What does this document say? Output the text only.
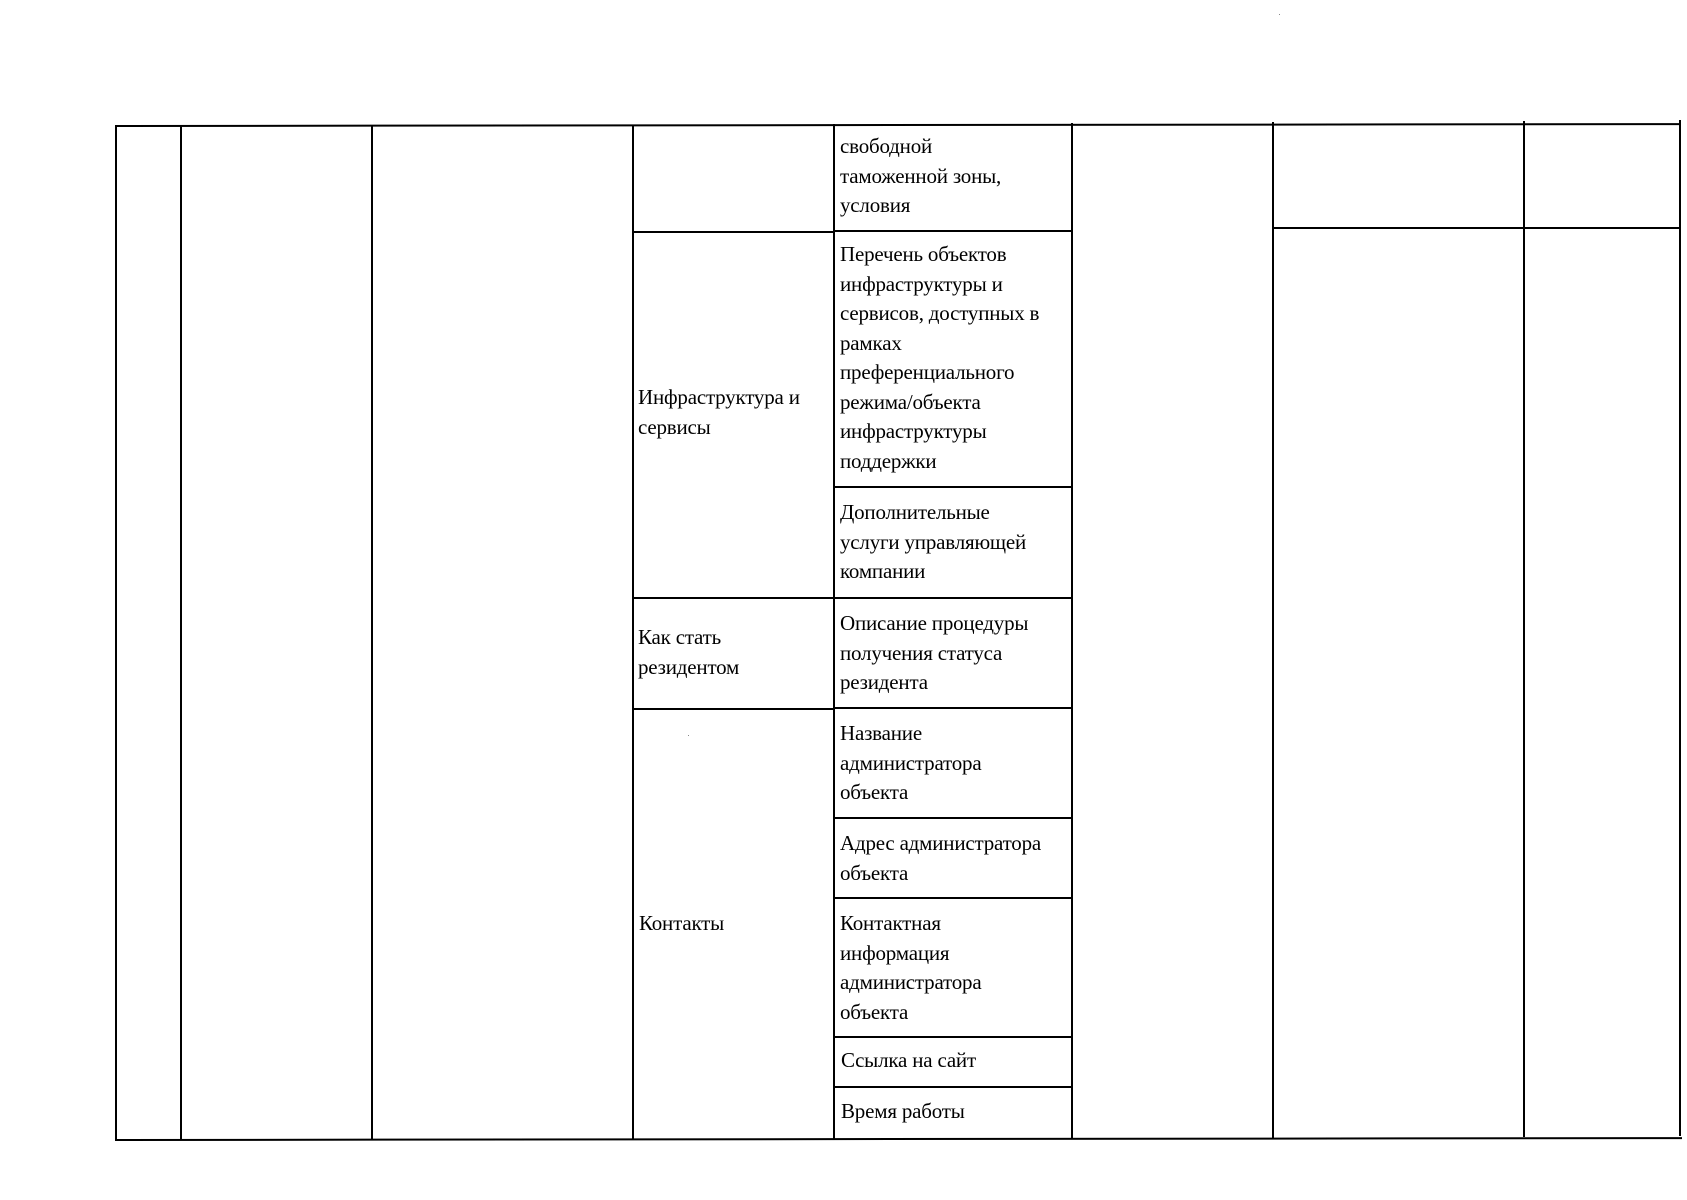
Инфраструктура и
сервисы
Как стать
резидентом
Контакты
свободной
таможенной зоны,
условия
Перечень объектов
инфраструктуры и
сервисов, доступных в
рамках
преференциального
режима/объекта
инфраструктуры
поддержки
Дополнительные
услуги управляющей
компании
Описание процедуры
получения статуса
резидента
Название
администратора
объекта
Адрес администратора
объекта
Контактная
информация
администратора
объекта
Ссылка на сайт
Время работы
